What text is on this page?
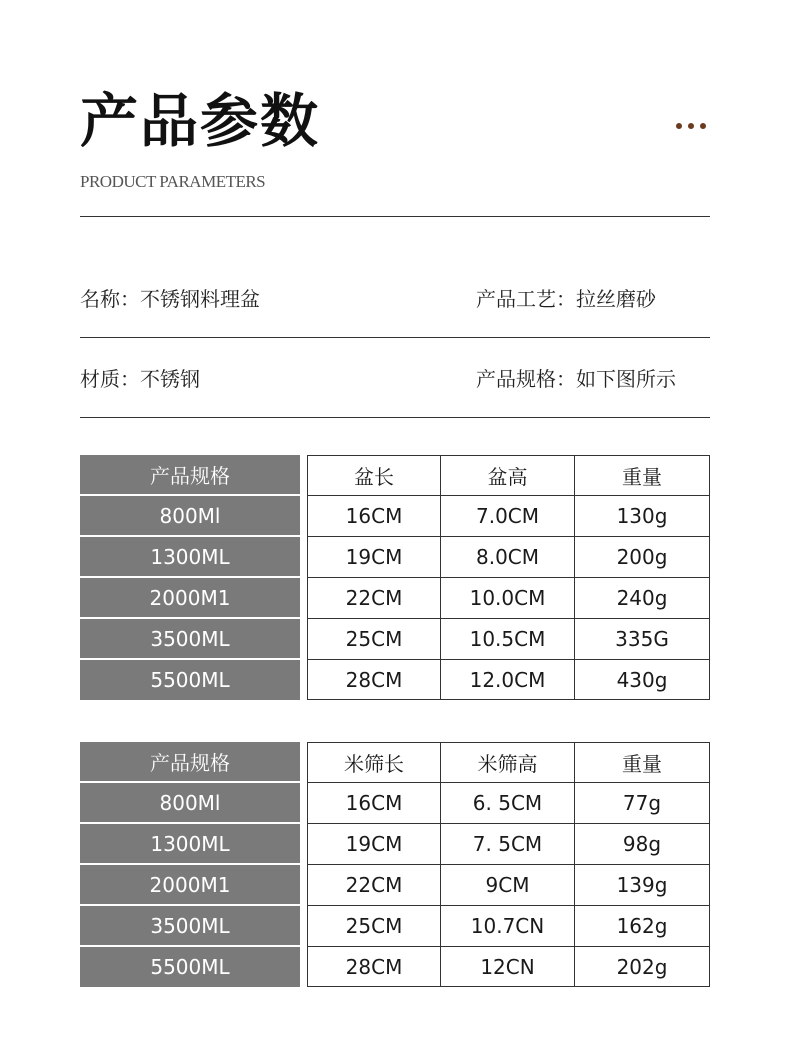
产品参数
PRODUCT PARAMETERS
名称：不锈钢料理盆	产品工艺：拉丝磨砂
材质：不锈钢	产品规格：如下图所示
产品规格		盆长	盆高	重量
800Ml		16CM	7.0CM	130g
1300ML		19CM	8.0CM	200g
2000M1		22CM	10.0CM	240g
3500ML		25CM	10.5CM	335G
5500ML		28CM	12.0CM	430g
产品规格		米筛长	米筛高	重量
800Ml		16CM	6. 5CM	77g
1300ML		19CM	7. 5CM	98g
2000M1		22CM	9CM	139g
3500ML		25CM	10.7CN	162g
5500ML		28CM	12CN	202g
